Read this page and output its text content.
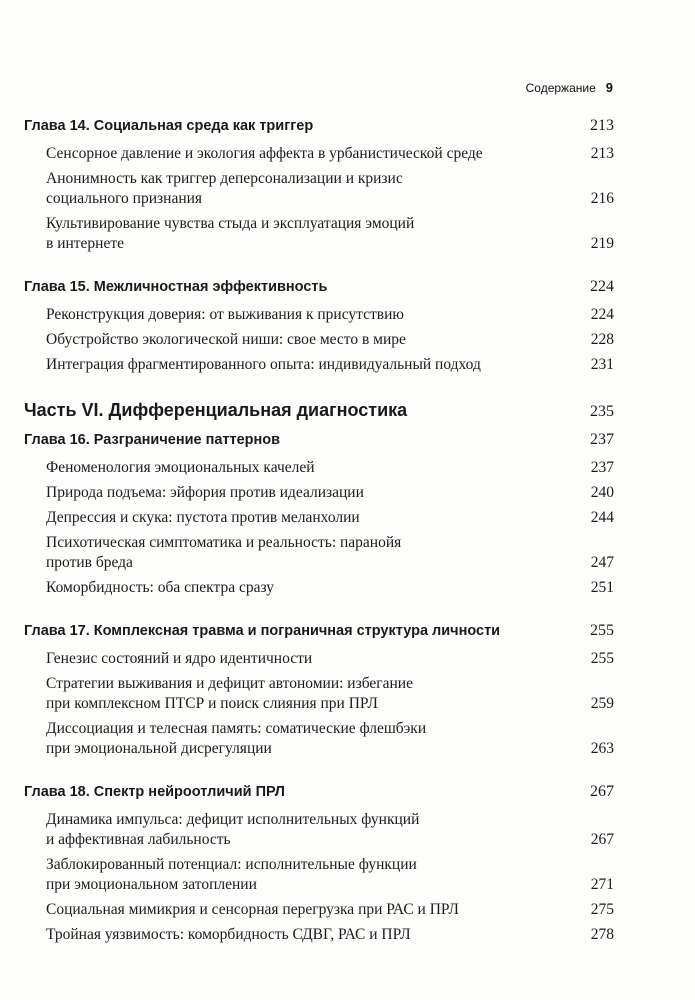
Содержание 9
Глава 14. Социальная среда как триггер	213
Сенсорное давление и экология аффекта в урбанистической среде	213
Анонимность как триггер деперсонализации и кризис
социального признания	216
Культивирование чувства стыда и эксплуатация эмоций
в интернете	219
Глава 15. Межличностная эффективность	224
Реконструкция доверия: от выживания к присутствию	224
Обустройство экологической ниши: свое место в мире	228
Интеграция фрагментированного опыта: индивидуальный подход	231
Часть VI. Дифференциальная диагностика	235
Глава 16. Разграничение паттернов	237
Феноменология эмоциональных качелей	237
Природа подъема: эйфория против идеализации	240
Депрессия и скука: пустота против меланхолии	244
Психотическая симптоматика и реальность: паранойя
против бреда	247
Коморбидность: оба спектра сразу	251
Глава 17. Комплексная травма и пограничная структура личности	255
Генезис состояний и ядро идентичности	255
Стратегии выживания и дефицит автономии: избегание
при комплексном ПТСР и поиск слияния при ПРЛ	259
Диссоциация и телесная память: соматические флешбэки
при эмоциональной дисрегуляции	263
Глава 18. Спектр нейроотличий ПРЛ	267
Динамика импульса: дефицит исполнительных функций
и аффективная лабильность	267
Заблокированный потенциал: исполнительные функции
при эмоциональном затоплении	271
Социальная мимикрия и сенсорная перегрузка при РАС и ПРЛ	275
Тройная уязвимость: коморбидность СДВГ, РАС и ПРЛ	278
